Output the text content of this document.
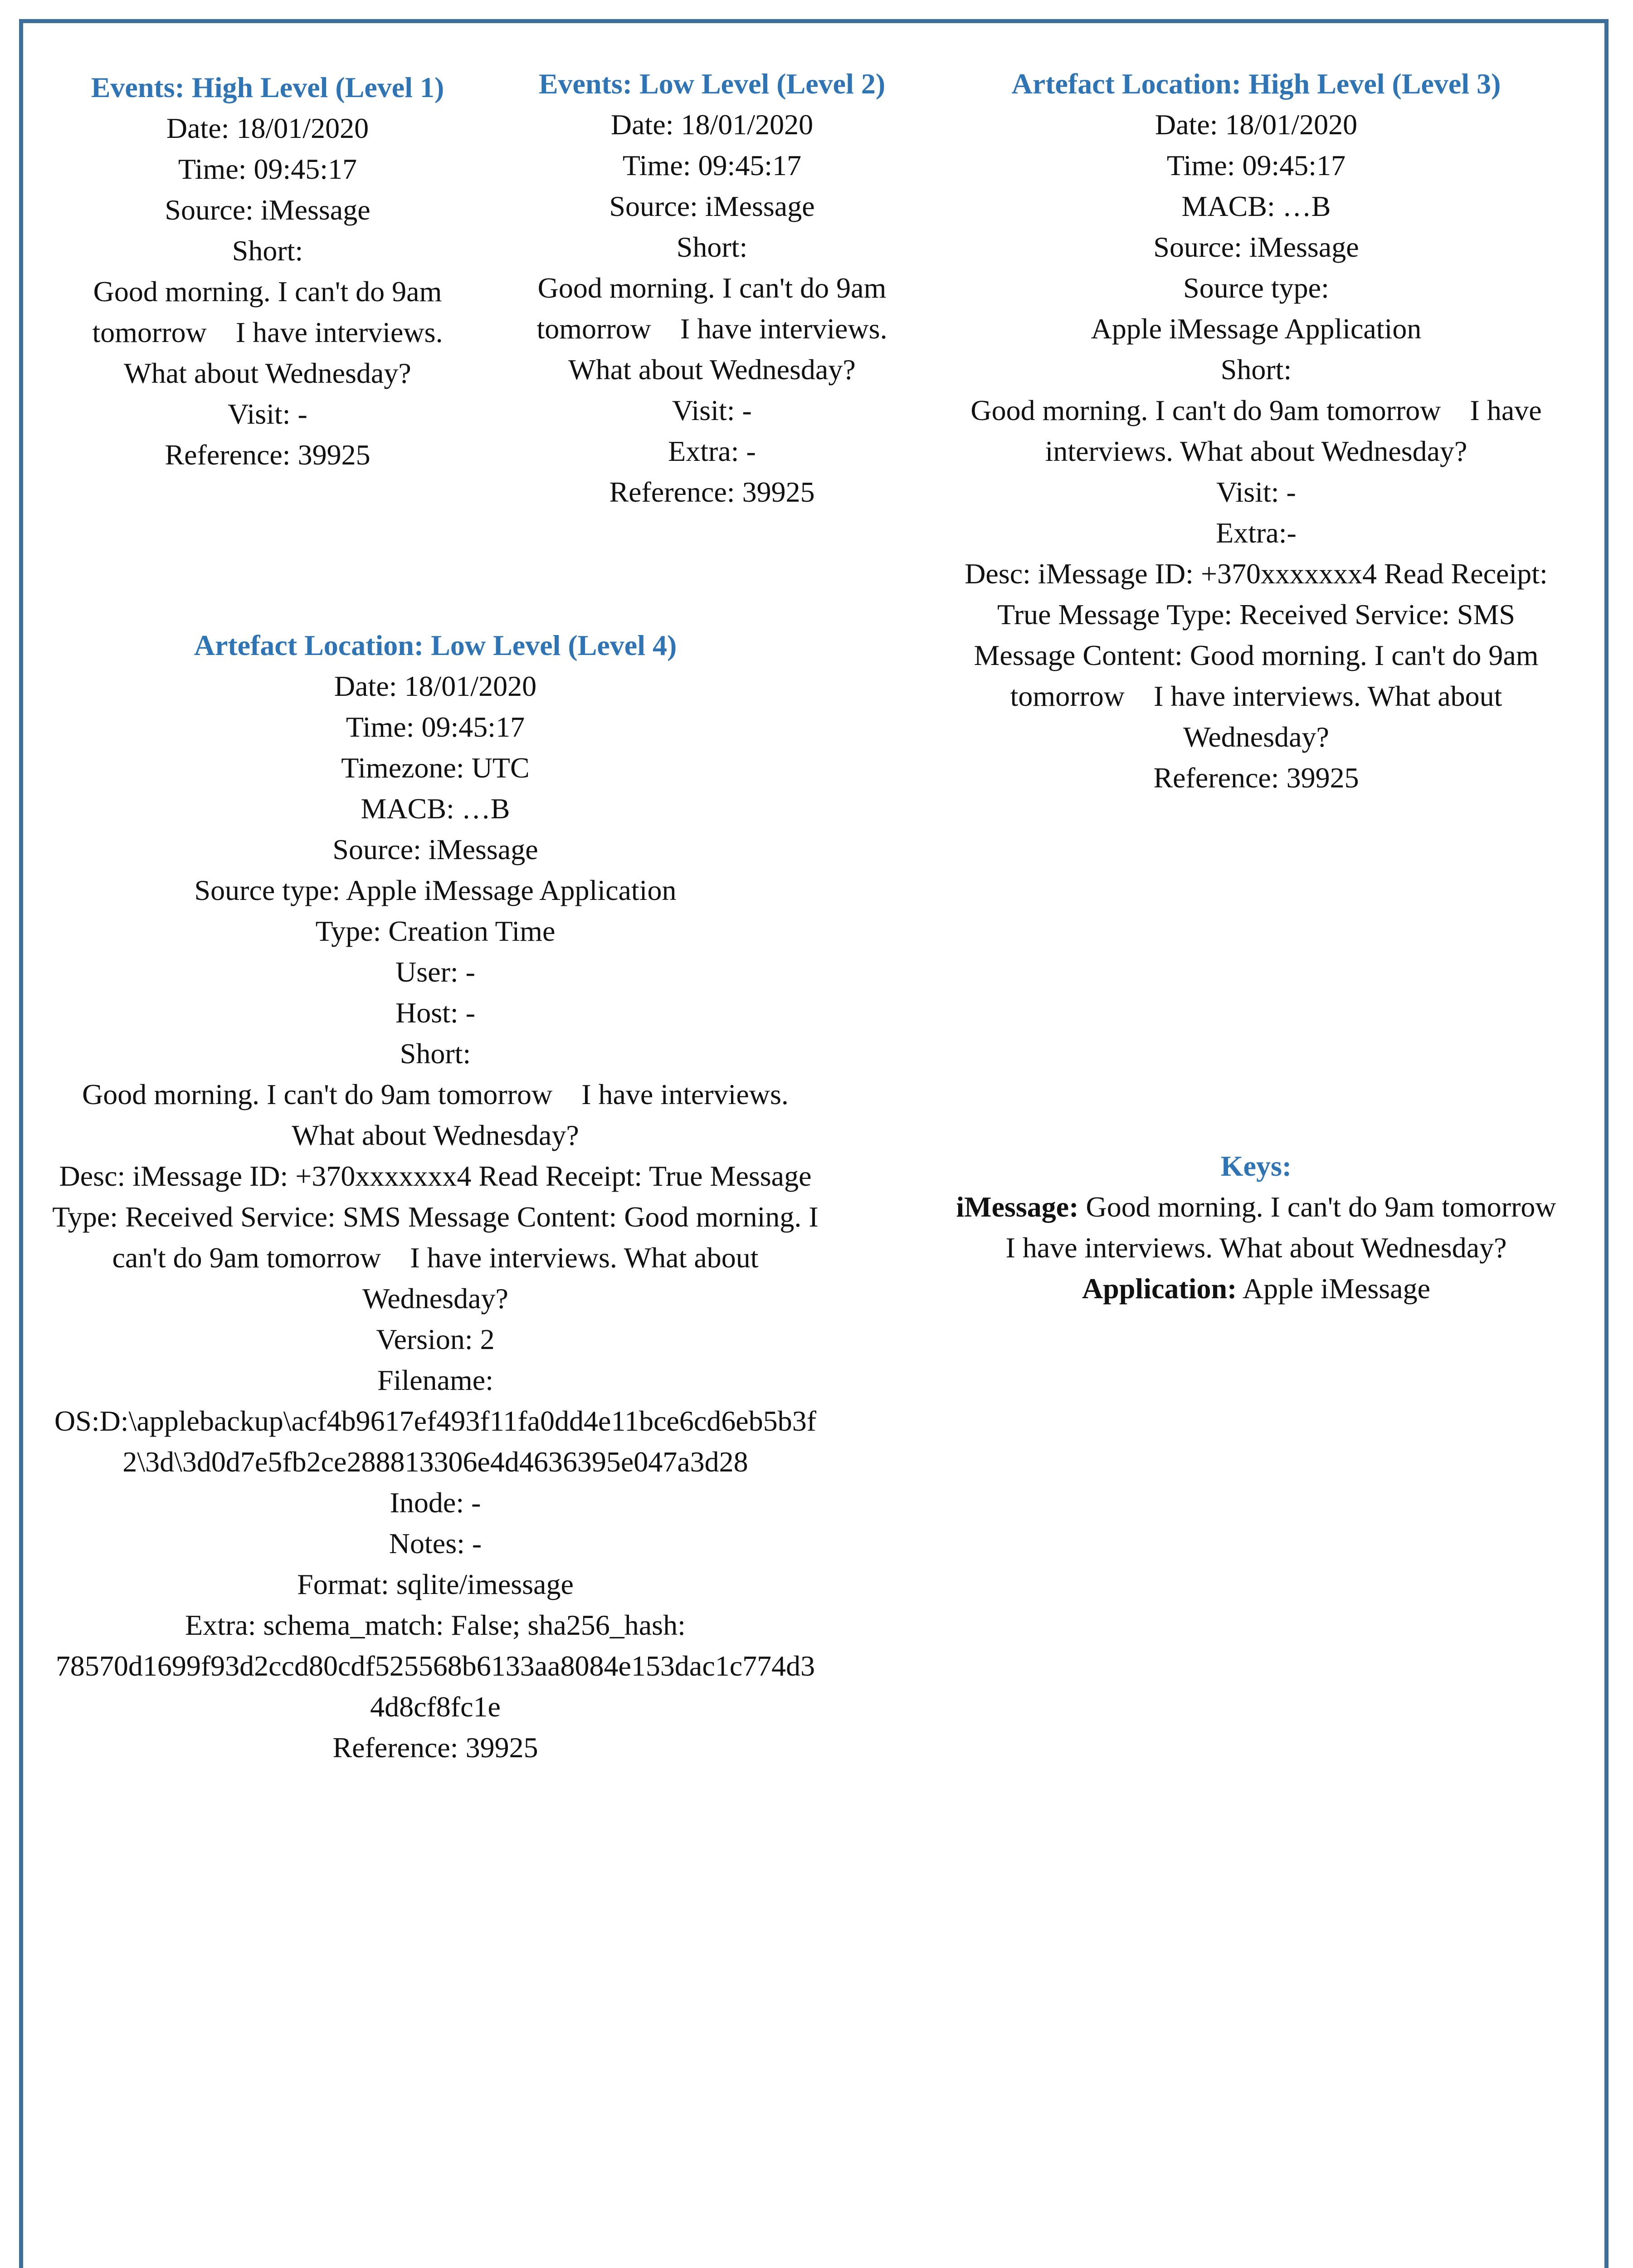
Events: High Level (Level 1)

Date: 18/01/2020

Time: 09:45:17

Source: iMessage

Short:

Good morning. I can't do 9am tomorrow    I have interviews. What about Wednesday?

Visit: -

Reference: 39925

Events: Low Level (Level 2)

Date: 18/01/2020

Time: 09:45:17

Source: iMessage

Short:

Good morning. I can't do 9am tomorrow    I have interviews. What about Wednesday?

Visit: -

Extra: -

Reference: 39925

Artefact Location: High Level (Level 3)

Date: 18/01/2020

Time: 09:45:17

MACB: …B

Source: iMessage

Source type:

Apple iMessage Application

Short:

Good morning. I can't do 9am tomorrow    I have interviews. What about Wednesday?

Visit: -

Extra:-

Desc: iMessage ID: +370xxxxxxx4 Read Receipt: True Message Type: Received Service: SMS Message Content: Good morning. I can't do 9am tomorrow    I have interviews. What about Wednesday?

Reference: 39925

Artefact Location: Low Level (Level 4)

Date: 18/01/2020

Time: 09:45:17

Timezone: UTC

MACB: …B

Source: iMessage

Source type: Apple iMessage Application

Type: Creation Time

User: -

Host: -

Short:

Good morning. I can't do 9am tomorrow    I have interviews. What about Wednesday?

Desc: iMessage ID: +370xxxxxxx4 Read Receipt: True Message Type: Received Service: SMS Message Content: Good morning. I can't do 9am tomorrow    I have interviews. What about Wednesday?

Version: 2

Filename:

OS:D:\applebackup\acf4b9617ef493f11fa0dd4e11bce6cd6eb5b3f2\3d\3d0d7e5fb2ce288813306e4d4636395e047a3d28

Inode: -

Notes: -

Format: sqlite/imessage

Extra: schema_match: False; sha256_hash:

78570d1699f93d2ccd80cdf525568b6133aa8084e153dac1c774d34d8cf8fc1e

Reference: 39925

Keys:

iMessage: Good morning. I can't do 9am tomorrow    I have interviews. What about Wednesday?

Application: Apple iMessage
